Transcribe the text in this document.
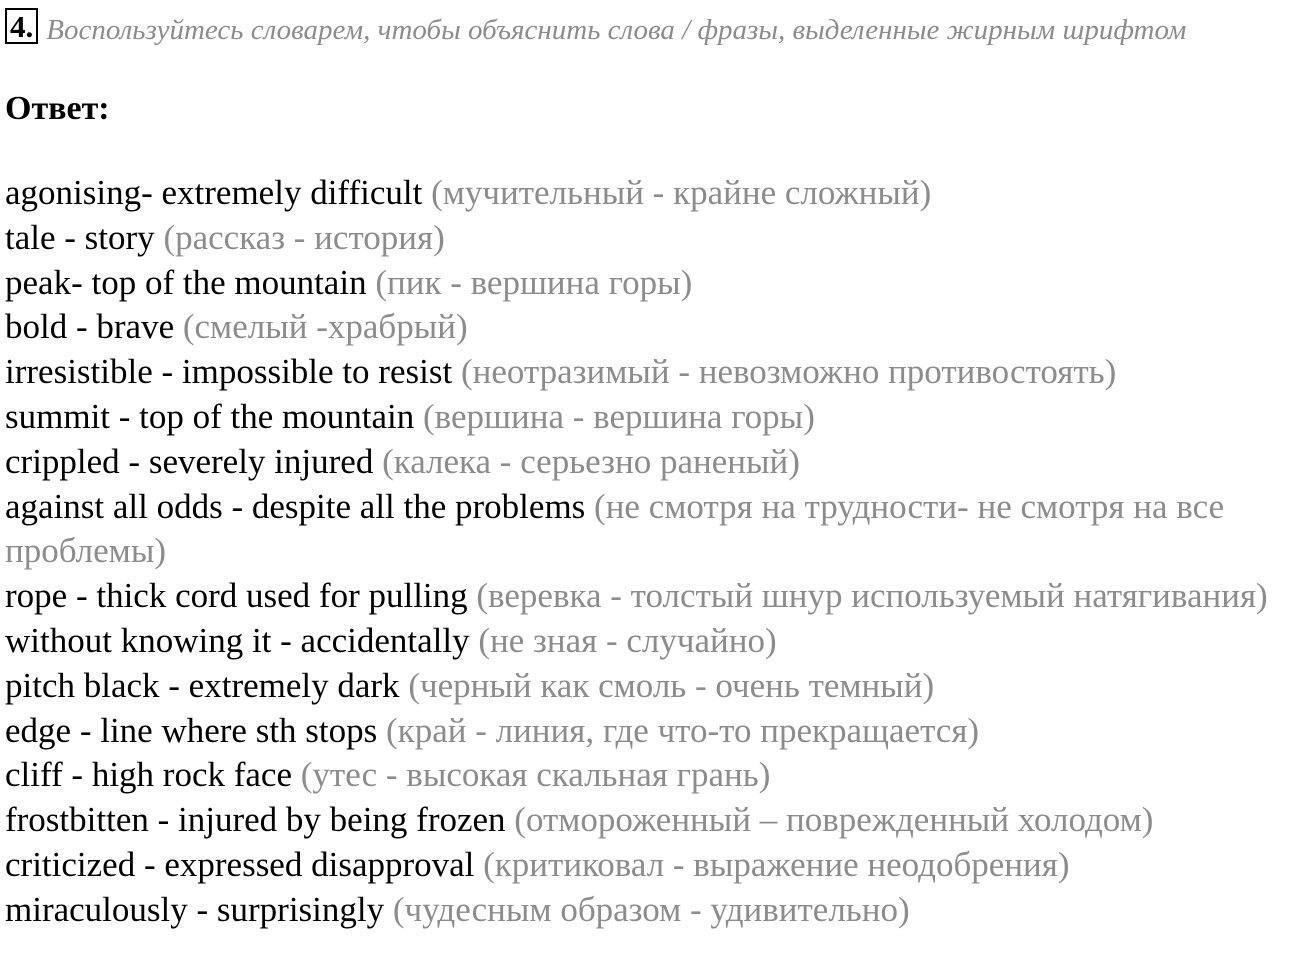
4. Воспользуйтесь словарем, чтобы объяснить слова / фразы, выделенные жирным шрифтом
Ответ:
agonising- extremely difficult (мучительный - крайне сложный)
tale - story (рассказ - история)
peak- top of the mountain (пик - вершина горы)
bold - brave (смелый -храбрый)
irresistible - impossible to resist (неотразимый - невозможно противостоять)
summit - top of the mountain (вершина - вершина горы)
crippled - severely injured (калека - серьезно раненый)
against all odds - despite all the problems (не смотря на трудности- не смотря на все проблемы)
rope - thick cord used for pulling (веревка - толстый шнур используемый натягивания)
without knowing it - accidentally (не зная - случайно)
pitch black - extremely dark (черный как смоль - очень темный)
edge - line where sth stops (край - линия, где что-то прекращается)
cliff - high rock face (утес - высокая скальная грань)
frostbitten - injured by being frozen (отмороженный – поврежденный холодом)
criticized - expressed disapproval (критиковал - выражение неодобрения)
miraculously - surprisingly (чудесным образом - удивительно)
